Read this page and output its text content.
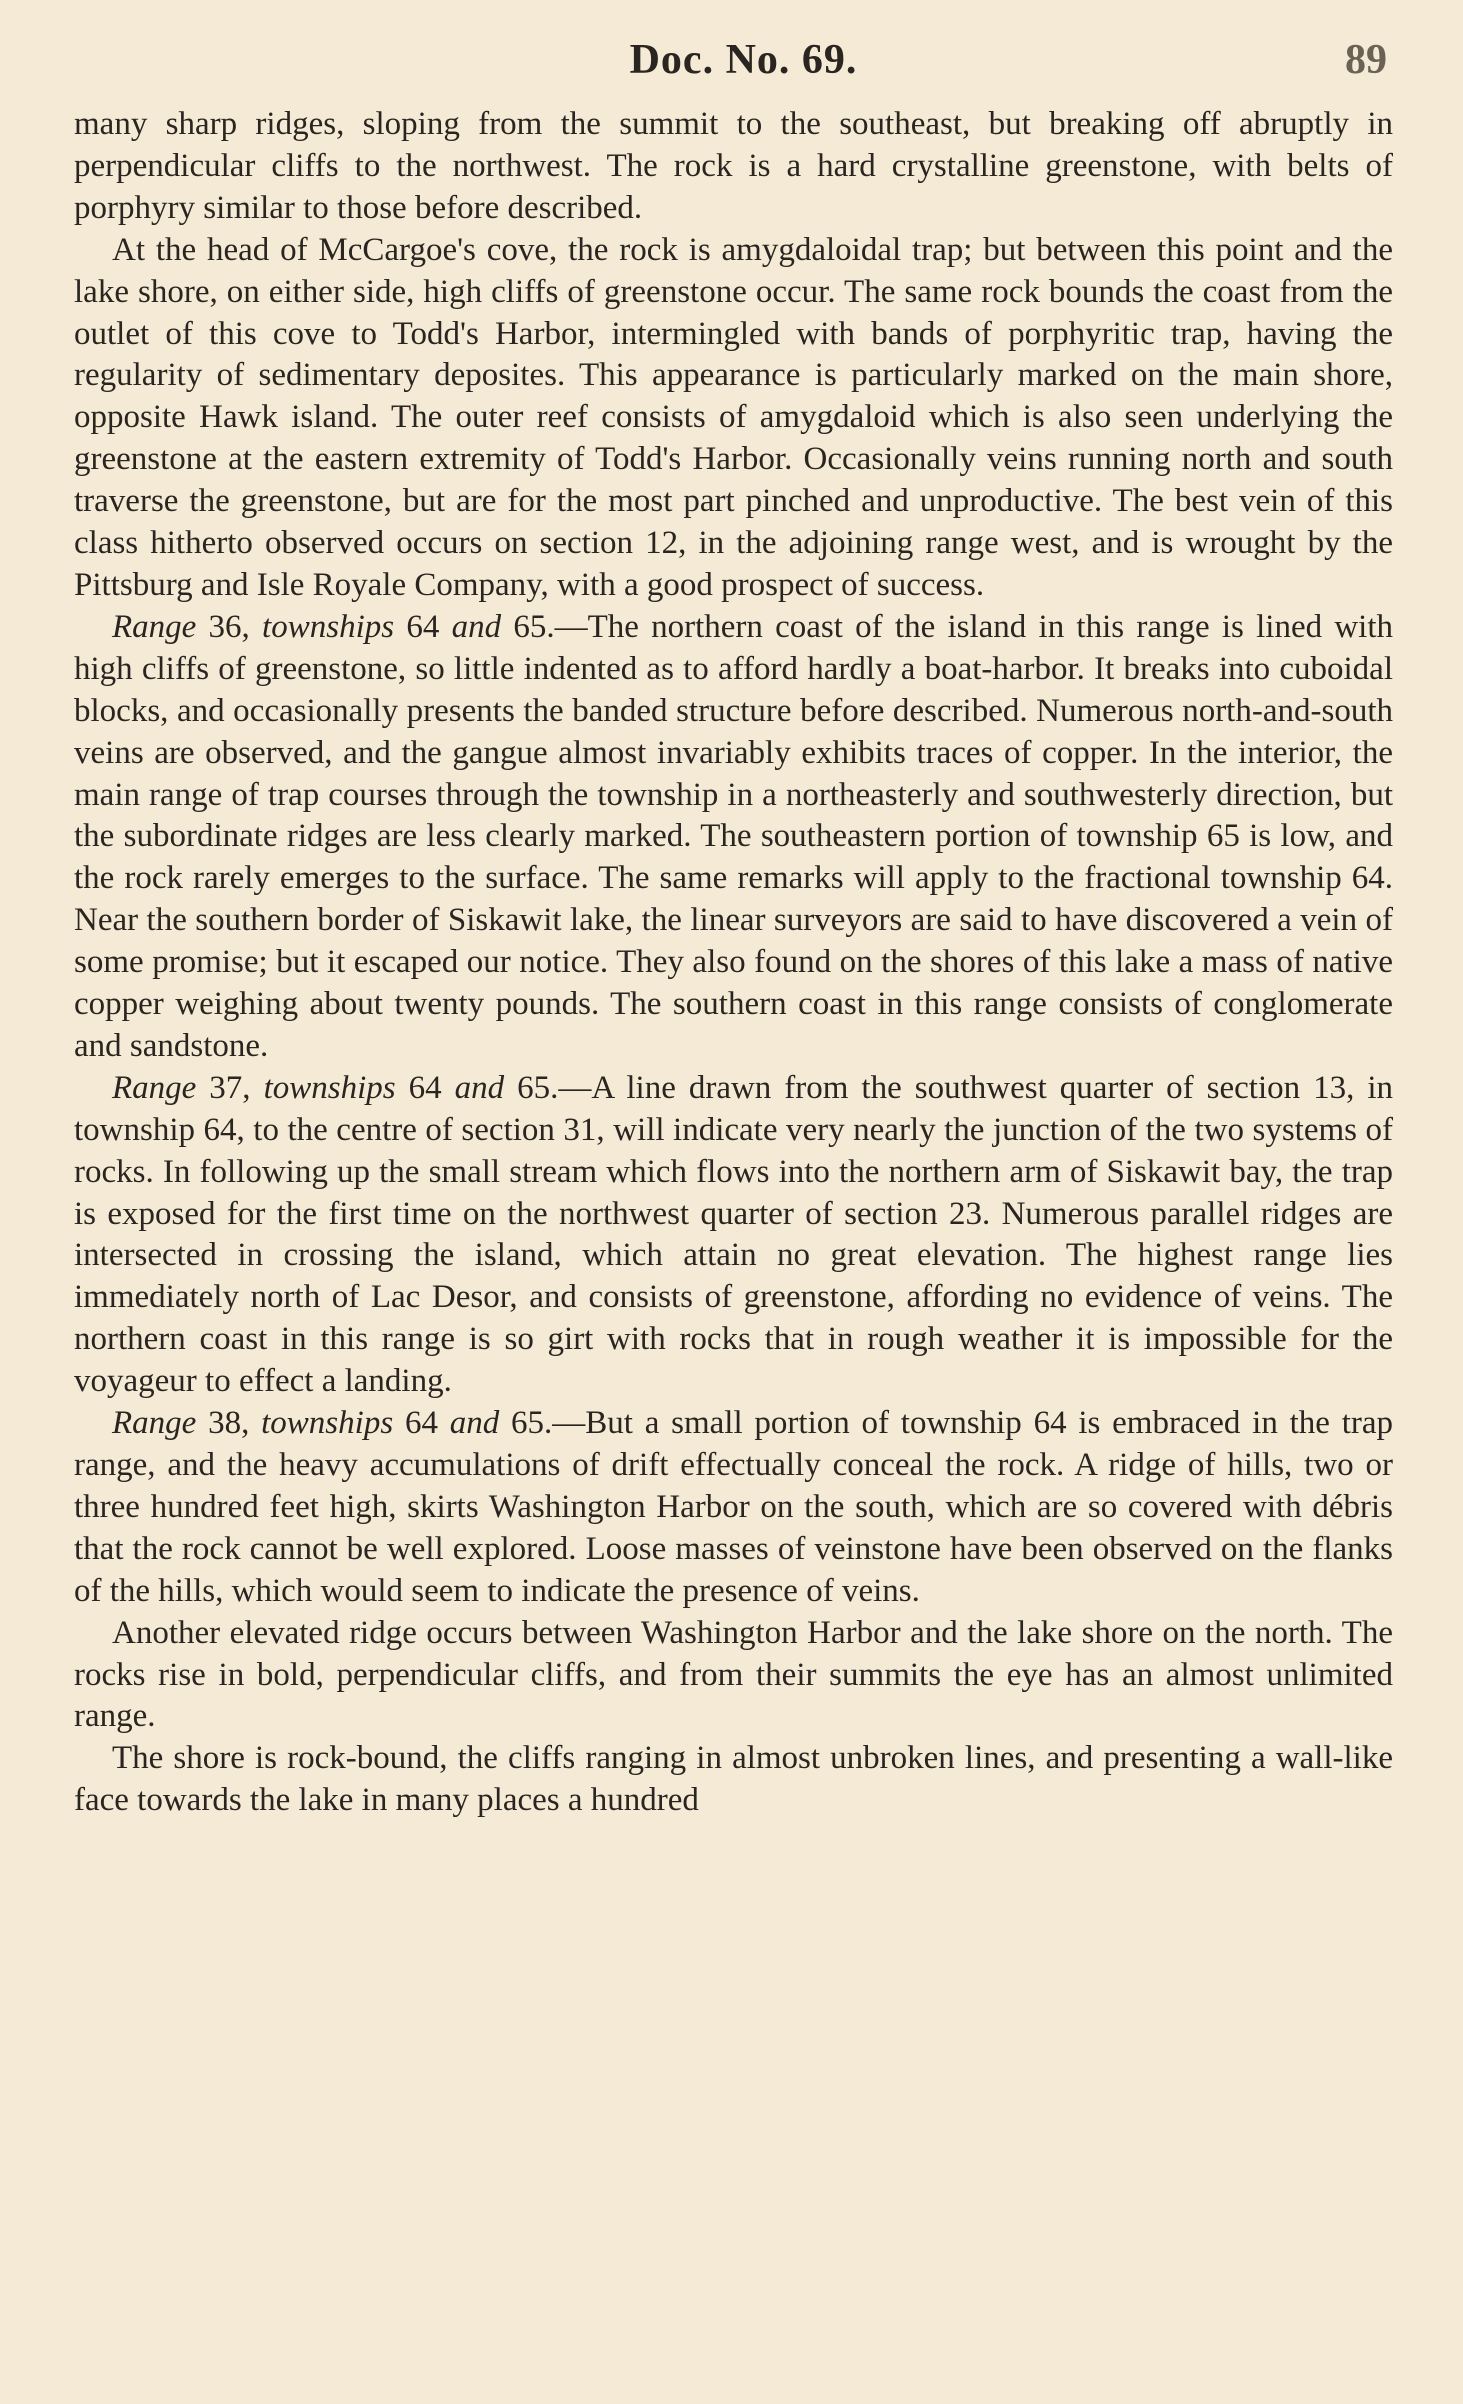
Doc. No. 69.	89

many sharp ridges, sloping from the summit to the southeast, but breaking off abruptly in perpendicular cliffs to the northwest. The rock is a hard crystalline greenstone, with belts of porphyry similar to those before described.

At the head of McCargoe's cove, the rock is amygdaloidal trap; but between this point and the lake shore, on either side, high cliffs of greenstone occur. The same rock bounds the coast from the outlet of this cove to Todd's Harbor, intermingled with bands of porphyritic trap, having the regularity of sedimentary deposites. This appearance is particularly marked on the main shore, opposite Hawk island. The outer reef consists of amygdaloid which is also seen underlying the greenstone at the eastern extremity of Todd's Harbor. Occasionally veins running north and south traverse the greenstone, but are for the most part pinched and unproductive. The best vein of this class hitherto observed occurs on section 12, in the adjoining range west, and is wrought by the Pittsburg and Isle Royale Company, with a good prospect of success.

Range 36, townships 64 and 65.—The northern coast of the island in this range is lined with high cliffs of greenstone, so little indented as to afford hardly a boat-harbor. It breaks into cuboidal blocks, and occasionally presents the banded structure before described. Numerous north-and-south veins are observed, and the gangue almost invariably exhibits traces of copper. In the interior, the main range of trap courses through the township in a northeasterly and southwesterly direction, but the subordinate ridges are less clearly marked. The southeastern portion of township 65 is low, and the rock rarely emerges to the surface. The same remarks will apply to the fractional township 64. Near the southern border of Siskawit lake, the linear surveyors are said to have discovered a vein of some promise; but it escaped our notice. They also found on the shores of this lake a mass of native copper weighing about twenty pounds. The southern coast in this range consists of conglomerate and sandstone.

Range 37, townships 64 and 65.—A line drawn from the southwest quarter of section 13, in township 64, to the centre of section 31, will indicate very nearly the junction of the two systems of rocks. In following up the small stream which flows into the northern arm of Siskawit bay, the trap is exposed for the first time on the northwest quarter of section 23. Numerous parallel ridges are intersected in crossing the island, which attain no great elevation. The highest range lies immediately north of Lac Desor, and consists of greenstone, affording no evidence of veins. The northern coast in this range is so girt with rocks that in rough weather it is impossible for the voyageur to effect a landing.

Range 38, townships 64 and 65.—But a small portion of township 64 is embraced in the trap range, and the heavy accumulations of drift effectually conceal the rock. A ridge of hills, two or three hundred feet high, skirts Washington Harbor on the south, which are so covered with débris that the rock cannot be well explored. Loose masses of veinstone have been observed on the flanks of the hills, which would seem to indicate the presence of veins.

Another elevated ridge occurs between Washington Harbor and the lake shore on the north. The rocks rise in bold, perpendicular cliffs, and from their summits the eye has an almost unlimited range.

The shore is rock-bound, the cliffs ranging in almost unbroken lines, and presenting a wall-like face towards the lake in many places a hundred
